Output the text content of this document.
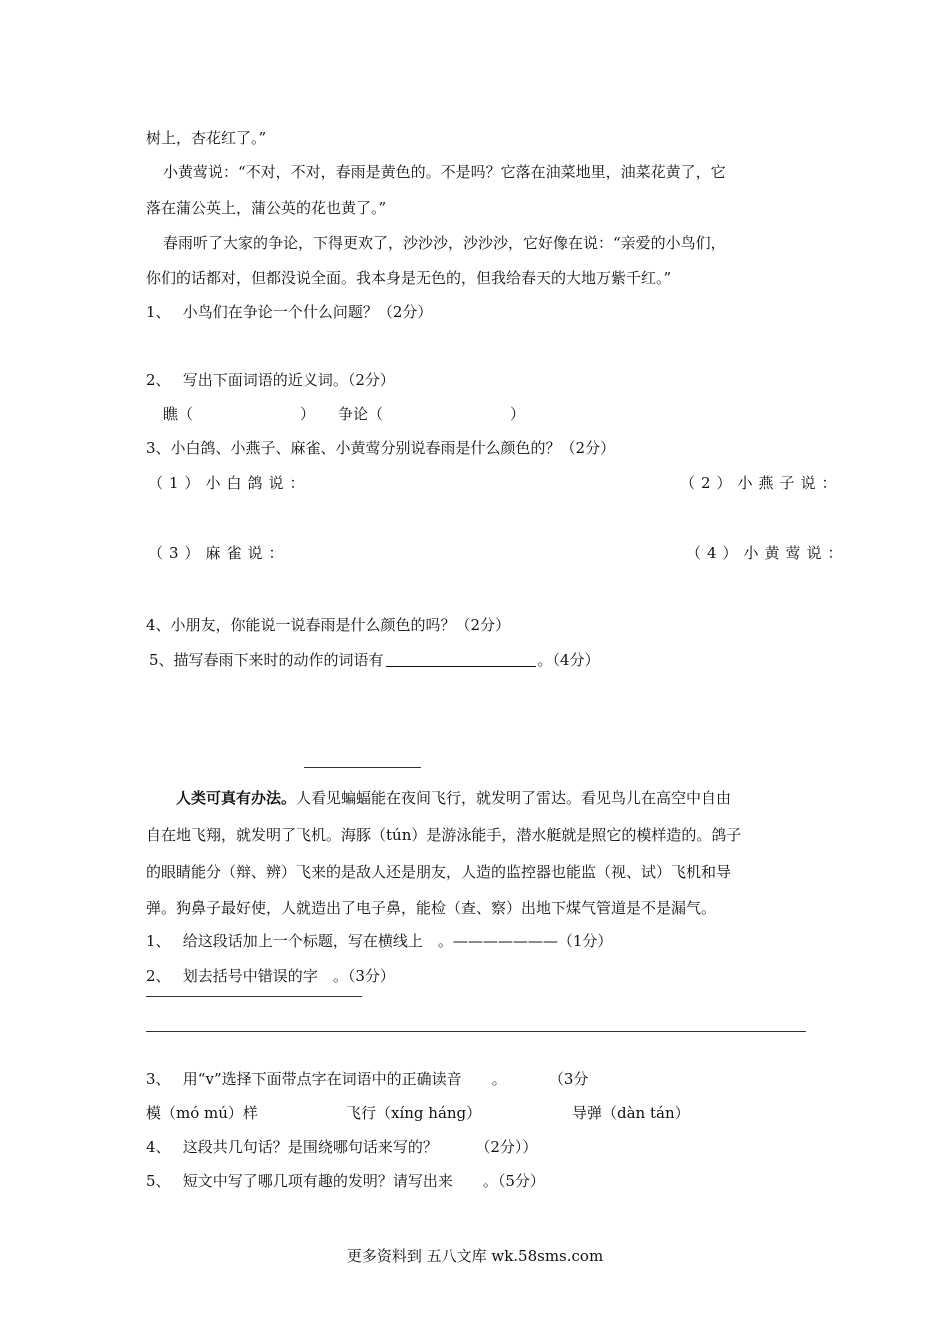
树上，杏花红了。”
小黄莺说：“不对，不对，春雨是黄色的。不是吗？它落在油菜地里，油菜花黄了，它
落在蒲公英上，蒲公英的花也黄了。”
春雨听了大家的争论，下得更欢了，沙沙沙，沙沙沙，它好像在说：“亲爱的小鸟们，
你们的话都对，但都没说全面。我本身是无色的，但我给春天的大地万紫千红。”
1、　 小鸟们在争论一个什么问题？（2分）
2、　 写出下面词语的近义词。（2分）
瞧（	） 争论（	）
3、小白鸽、小燕子、麻雀、小黄莺分别说春雨是什么颜色的？（2分）
（1）小白鸽说：	（2）小燕子说：
（3）麻雀说：	（4）小黄莺说：
4、小朋友，你能说一说春雨是什么颜色的吗？（2分）
5、描写春雨下来时的动作的词语有	。（4分）
人类可真有办法。人看见蝙蝠能在夜间飞行，就发明了雷达。看见鸟儿在高空中自由
自在地飞翔，就发明了飞机。海豚（tún）是游泳能手，潜水艇就是照它的模样造的。鸽子
的眼睛能分（辩、辨）飞来的是敌人还是朋友，人造的监控器也能监（视、试）飞机和导
弹。狗鼻子最好使，人就造出了电子鼻，能检（查、察）出地下煤气管道是不是漏气。
1、　 给这段话加上一个标题，写在横线上　。———————（1分）
2、　 划去括号中错误的字　。（3分）
3、　 用“v”选择下面带点字在词语中的正确读音　　。　　　 （3分
模（mó mú）样	飞行（xíng háng）	导弹（dàn tán）
4、　 这段共几句话？是围绕哪句话来写的？　　　（2分））
5、　 短文中写了哪几项有趣的发明？请写出来　　。（5分）
更多资料到 五八文库 wk.58sms.com
